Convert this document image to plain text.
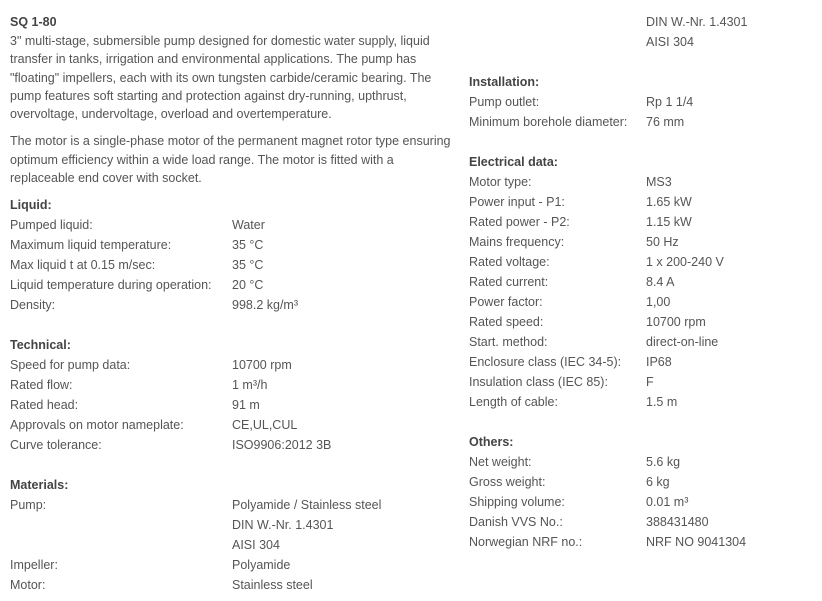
SQ 1-80

3" multi-stage, submersible pump designed for domestic water supply, liquid transfer in tanks, irrigation and environmental applications. The pump has "floating" impellers, each with its own tungsten carbide/ceramic bearing. The pump features soft starting and protection against dry-running, upthrust, overvoltage, undervoltage, overload and overtemperature.

The motor is a single-phase motor of the permanent magnet rotor type ensuring optimum efficiency within a wide load range. The motor is fitted with a replaceable end cover with socket.

Liquid:
Pumped liquid:	Water
Maximum liquid temperature:	35 °C
Max liquid t at 0.15 m/sec:	35 °C
Liquid temperature during operation:	20 °C
Density:	998.2 kg/m³
Technical:
Speed for pump data:	10700 rpm
Rated flow:	1 m³/h
Rated head:	91 m
Approvals on motor nameplate:	CE,UL,CUL
Curve tolerance:	ISO9906:2012 3B
Materials:
Pump:	Polyamide / Stainless steel
DIN W.-Nr. 1.4301
AISI 304
Impeller:	Polyamide
Motor:	Stainless steel
DIN W.-Nr. 1.4301
AISI 304
Installation:
Pump outlet:	Rp 1 1/4
Minimum borehole diameter:	76 mm
Electrical data:
Motor type:	MS3
Power input - P1:	1.65 kW
Rated power - P2:	1.15 kW
Mains frequency:	50 Hz
Rated voltage:	1 x 200-240 V
Rated current:	8.4 A
Power factor:	1,00
Rated speed:	10700 rpm
Start. method:	direct-on-line
Enclosure class (IEC 34-5):	IP68
Insulation class (IEC 85):	F
Length of cable:	1.5 m
Others:
Net weight:	5.6 kg
Gross weight:	6 kg
Shipping volume:	0.01 m³
Danish VVS No.:	388431480
Norwegian NRF no.:	NRF NO 9041304
